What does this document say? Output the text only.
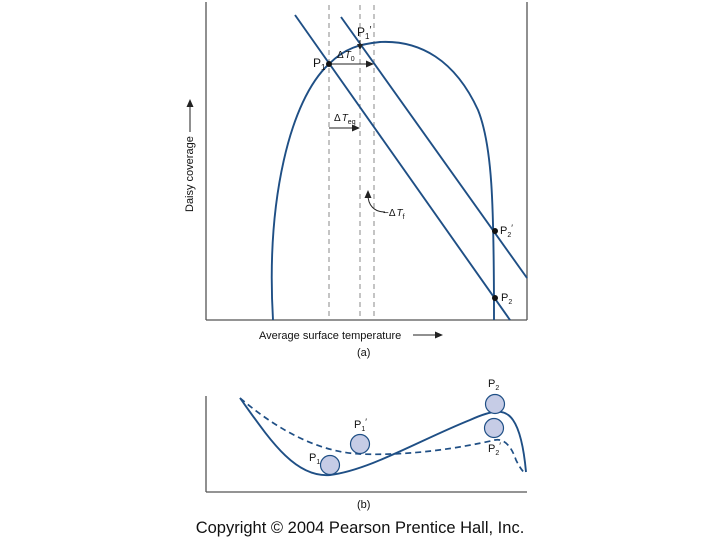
Daisy coverage
Average surface temperature
(a)
$P_1$
$P_1'$
$\Delta T_0$
$\Delta T_{eq}$
$-\Delta T_f$
$P_2'$
$P_2$
$P_1$
$P_1'$
$P_2$
$P_2'$
(b)
Copyright © 2004 Pearson Prentice Hall, Inc.
